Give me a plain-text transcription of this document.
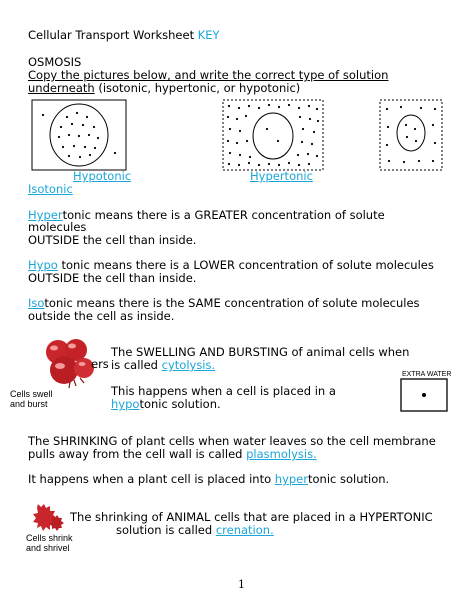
Cellular Transport Worksheet KEY
OSMOSIS
Copy the pictures below, and write the correct type of solution
underneath (isotonic, hypertonic, or hypotonic)
Hypotonic	Hypertonic
Isotonic
Hypertonic means there is a GREATER concentration of solute
molecules
OUTSIDE the cell than inside.
Hypo tonic means there is a LOWER concentration of solute molecules
OUTSIDE the cell than inside.
Isotonic means there is the SAME concentration of solute molecules
outside the cell as inside.
ers
Cells swell and burst
The SWELLING AND BURSTING of animal cells when
is called cytolysis.
This happens when a cell is placed in a
hypotonic solution.
EXTRA WATER
The SHRINKING of plant cells when water leaves so the cell membrane
pulls away from the cell wall is called plasmolysis.
It happens when a plant cell is placed into hypertonic solution.
Cells shrink and shrivel
The shrinking of ANIMAL cells that are placed in a HYPERTONIC
solution is called crenation.
1
